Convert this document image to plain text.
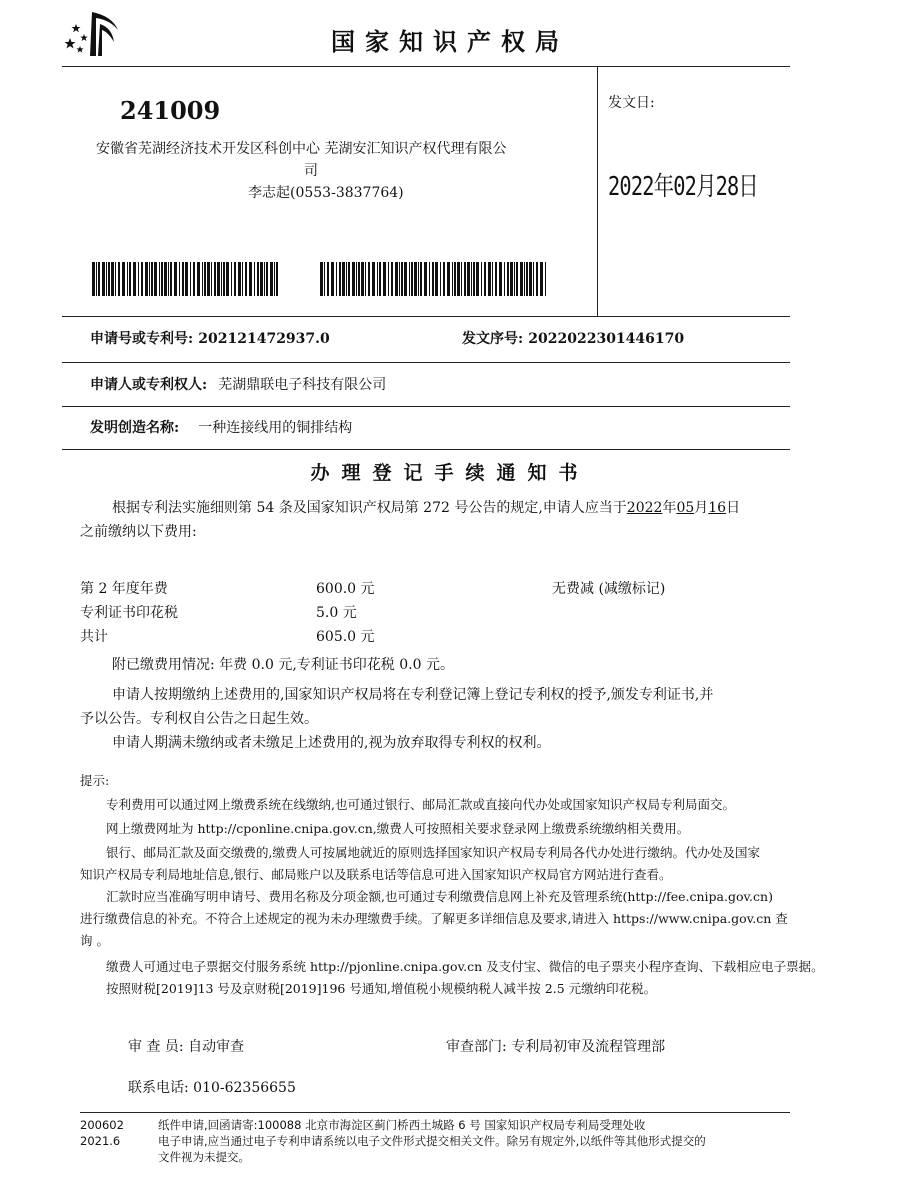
国家知识产权局
241009
安徽省芜湖经济技术开发区科创中心 芜湖安汇知识产权代理有限公
司
李志起(0553-3837764)
发文日:
2022年02月28日
申请号或专利号: 202121472937.0	发文序号: 2022022301446170
申请人或专利权人: 芜湖鼎联电子科技有限公司
发明创造名称: 一种连接线用的铜排结构
办理登记手续通知书
根据专利法实施细则第 54 条及国家知识产权局第 272 号公告的规定,申请人应当于2022年05月16日
之前缴纳以下费用:
第 2 年度年费	600.0 元	无费减 (减缴标记)
专利证书印花税	5.0 元
共计	605.0 元
附已缴费用情况: 年费 0.0 元,专利证书印花税 0.0 元。
申请人按期缴纳上述费用的,国家知识产权局将在专利登记簿上登记专利权的授予,颁发专利证书,并
予以公告。专利权自公告之日起生效。
申请人期满未缴纳或者未缴足上述费用的,视为放弃取得专利权的权利。
提示:
专利费用可以通过网上缴费系统在线缴纳,也可通过银行、邮局汇款或直接向代办处或国家知识产权局专利局面交。
网上缴费网址为 http://cponline.cnipa.gov.cn,缴费人可按照相关要求登录网上缴费系统缴纳相关费用。
银行、邮局汇款及面交缴费的,缴费人可按属地就近的原则选择国家知识产权局专利局各代办处进行缴纳。代办处及国家
知识产权局专利局地址信息,银行、邮局账户以及联系电话等信息可进入国家知识产权局官方网站进行查看。
汇款时应当准确写明申请号、费用名称及分项金额,也可通过专利缴费信息网上补充及管理系统(http://fee.cnipa.gov.cn)
进行缴费信息的补充。不符合上述规定的视为未办理缴费手续。了解更多详细信息及要求,请进入 https://www.cnipa.gov.cn 查
询 。
缴费人可通过电子票据交付服务系统 http://pjonline.cnipa.gov.cn 及支付宝、微信的电子票夹小程序查询、下载相应电子票据。
按照财税[2019]13 号及京财税[2019]196 号通知,增值税小规模纳税人减半按 2.5 元缴纳印花税。
审 查 员: 自动审查	审查部门: 专利局初审及流程管理部
联系电话: 010-62356655
200602
2021.6
纸件申请,回函请寄:100088 北京市海淀区蓟门桥西土城路 6 号 国家知识产权局专利局受理处收
电子申请,应当通过电子专利申请系统以电子文件形式提交相关文件。除另有规定外,以纸件等其他形式提交的
文件视为未提交。
